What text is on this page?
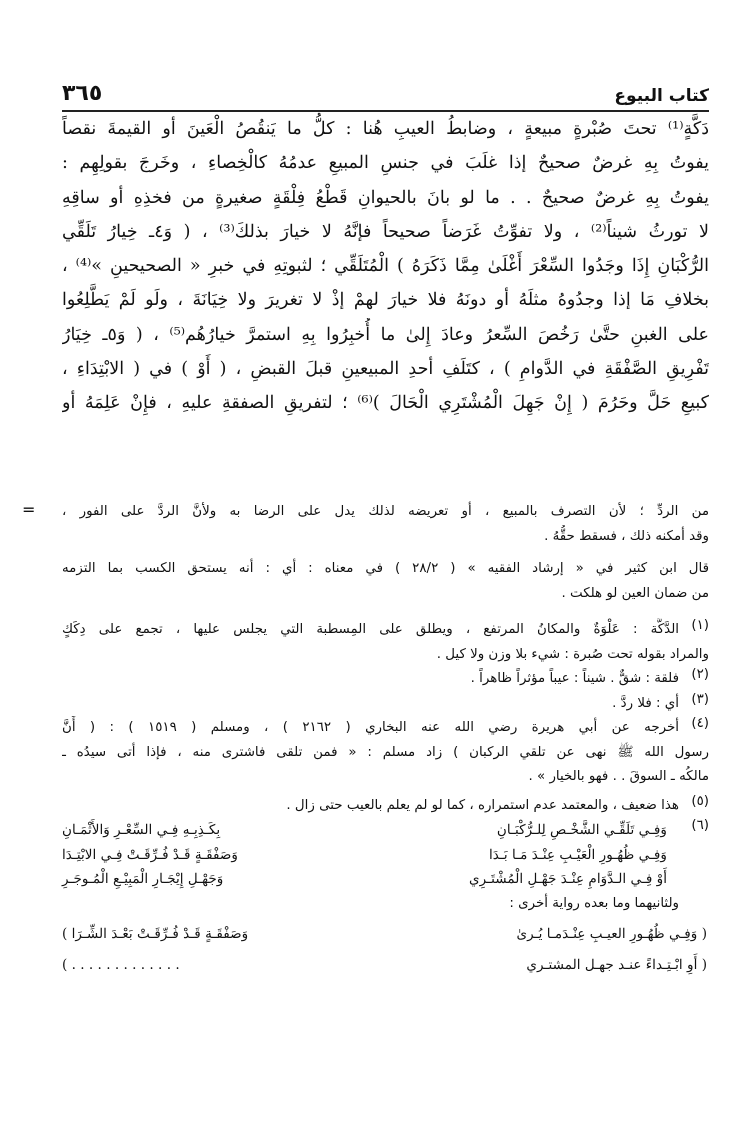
٣٦٥	كتاب البيوع
دَكَّةٍ⁽¹⁾ تحتَ صُبْرةٍ مبيعةٍ ، وضابطُ العيبِ هُنا : كلُّ ما يَنقُصُ الْعَينَ أو القيمةَ نقصاً
يفوتُ بِهِ غرضٌ صحيحٌ إذا غلَبَ في جنسِ المبيعِ عدمُهُ كالْخِصاءِ ، وخَرجَ بقولِهِم :
يفوتُ بِهِ غرضٌ صحيحٌ . . ما لو بانَ بالحيوانِ قَطْعُ فِلْقَةٍ صغيرةٍ من فخذِهِ أو ساقِهِ
لا تورثُ شيناً⁽²⁾ ، ولا تفوِّتُ غَرَضاً صحيحاً فإنَّهُ لا خيارَ بذلكَ⁽³⁾ ، ( وَ٤ـ خِيارُ تَلَقِّي
الرُّكْبَانِ إِذَا وجَدُوا السِّعْرَ أَغْلَىٰ مِمَّا ذَكَرَهُ ) الْمُتَلَقِّي ؛ لثبوتِهِ في خبرِ « الصحيحينِ »⁽⁴⁾ ،
بخلافِ مَا إذا وجدُوهُ مثلَهُ أو دونَهُ فلا خيارَ لهمْ إذْ لا تغريرَ ولا خِيَانَةَ ، ولَو لَمْ يَطَّلِعُوا
على الغبنِ حتَّىٰ رَخُصَ السِّعرُ وعادَ إِلىٰ ما أُخبِرُوا بِهِ استمرَّ خيارُهُم⁽⁵⁾ ، ( وَ٥ـ خِيَارُ
تَفْرِيقِ الصَّفْقَةِ في الدَّوامِ ) ، كتَلَفِ أحدِ المبيعينِ قبلَ القبضِ ، ( أَوْ ) في ( الابْتِدَاءِ ،
كبيعِ حَلَّ وحَرُمَ ( إِنْ جَهِلَ الْمُشْتَرِي الْحَالَ )⁽⁶⁾ ؛ لتفريقِ الصفقةِ عليهِ ، فإِنْ عَلِمَهُ أو
= من الردِّ ؛ لأن التصرف بالمبيع ، أو تعريضه لذلك يدل على الرضا به ولأنَّ الردَّ على الفور ،
وقد أمكنه ذلك ، فسقط حقُّهُ .
قال ابن كثير في « إرشاد الفقيه » ( ٢٨/٢ ) في معناه : أي : أنه يستحق الكسب بما التزمه
من ضمان العين لو هلكت .
(١)
الدَّكَّة : عَلْوَةٌ والمكانُ المرتفع ، ويطلق على المِسطبة التي يجلس عليها ، تجمع على دِكَكٍ
والمراد بقوله تحت صُبرة : شيء بلا وزن ولا كيل .
(٢)
فلقة : شقٌّ . شيناً : عيباً مؤثراً ظاهراً .
(٣)
أي : فلا ردَّ .
(٤)
أخرجه عن أبي هريرة رضي الله عنه البخاري ( ٢١٦٢ ) ، ومسلم ( ١٥١٩ ) : ( أَنَّ
رسول الله ﷺ نهى عن تلقي الركبان ) زاد مسلم : « فمن تلقى فاشترى منه ، فإذا أتى سيدُه ـ
مالكُه ـ السوقَ . . فهو بالخيار » .
(٥)
هذا ضعيف ، والمعتمد عدم استمراره ، كما لو لم يعلم بالعيب حتى زال .
(٦)
وَفِـي تَلَقِّـي الشَّخْـصِ لِلـرُّكْبَـانِ
بِكَـذِبِـهِ فِـي السِّعْـرِ وَالأَثْمَـانِ
وَفِـي ظُهُـورِ الْعَيْـبِ عِنْـدَ مَـا بَـدَا
وَصَفْقَـةٍ قَـدْ فُـرِّقَـتْ فِـي الابْتِـدَا
أَوْ فِـي الـدَّوَامِ عِنْـدَ جَهْـلِ الْمُشْتَـرِي
وَجَهْـلِ إِيْجَـارِ الْمَبِيْـعِ الْمُـوجَـرِ
ولثانيهما وما بعده رواية أخرى :
( وَفِـي ظُهُـورِ العيـبِ عِنْـدَمـا يُـرىٰ
وَصَفْقَـةٍ قَـدْ فُـرِّقَـتْ بَعْـدَ الشِّـرَا )
( أَوِ ابْـتِـداءً عنـد جهـل المشتـري
. . . . . . . . . . . . . )
